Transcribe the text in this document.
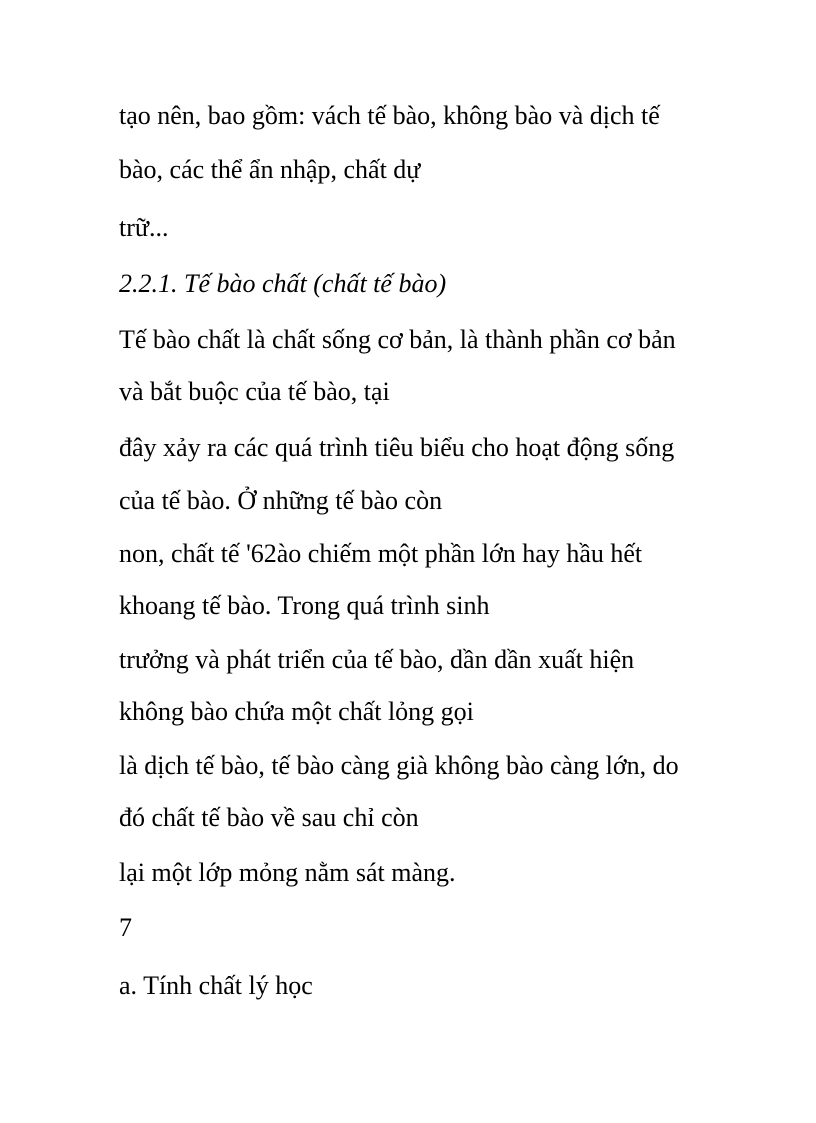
tạo nên, bao gồm: vách tế bào, không bào và dịch tế

bào, các thể ẩn nhập, chất dự

trữ...

2.2.1. Tế bào chất (chất tế bào)

Tế bào chất là chất sống cơ bản, là thành phần cơ bản

và bắt buộc của tế bào, tại

đây xảy ra các quá trình tiêu biểu cho hoạt động sống

của tế bào. Ở những tế bào còn

non, chất tế '62ào chiếm một phần lớn hay hầu hết

khoang tế bào. Trong quá trình sinh

trưởng và phát triển của tế bào, dần dần xuất hiện

không bào chứa một chất lỏng gọi

là dịch tế bào, tế bào càng già không bào càng lớn, do

đó chất tế bào về sau chỉ còn

lại một lớp mỏng nằm sát màng.

7

a. Tính chất lý học
